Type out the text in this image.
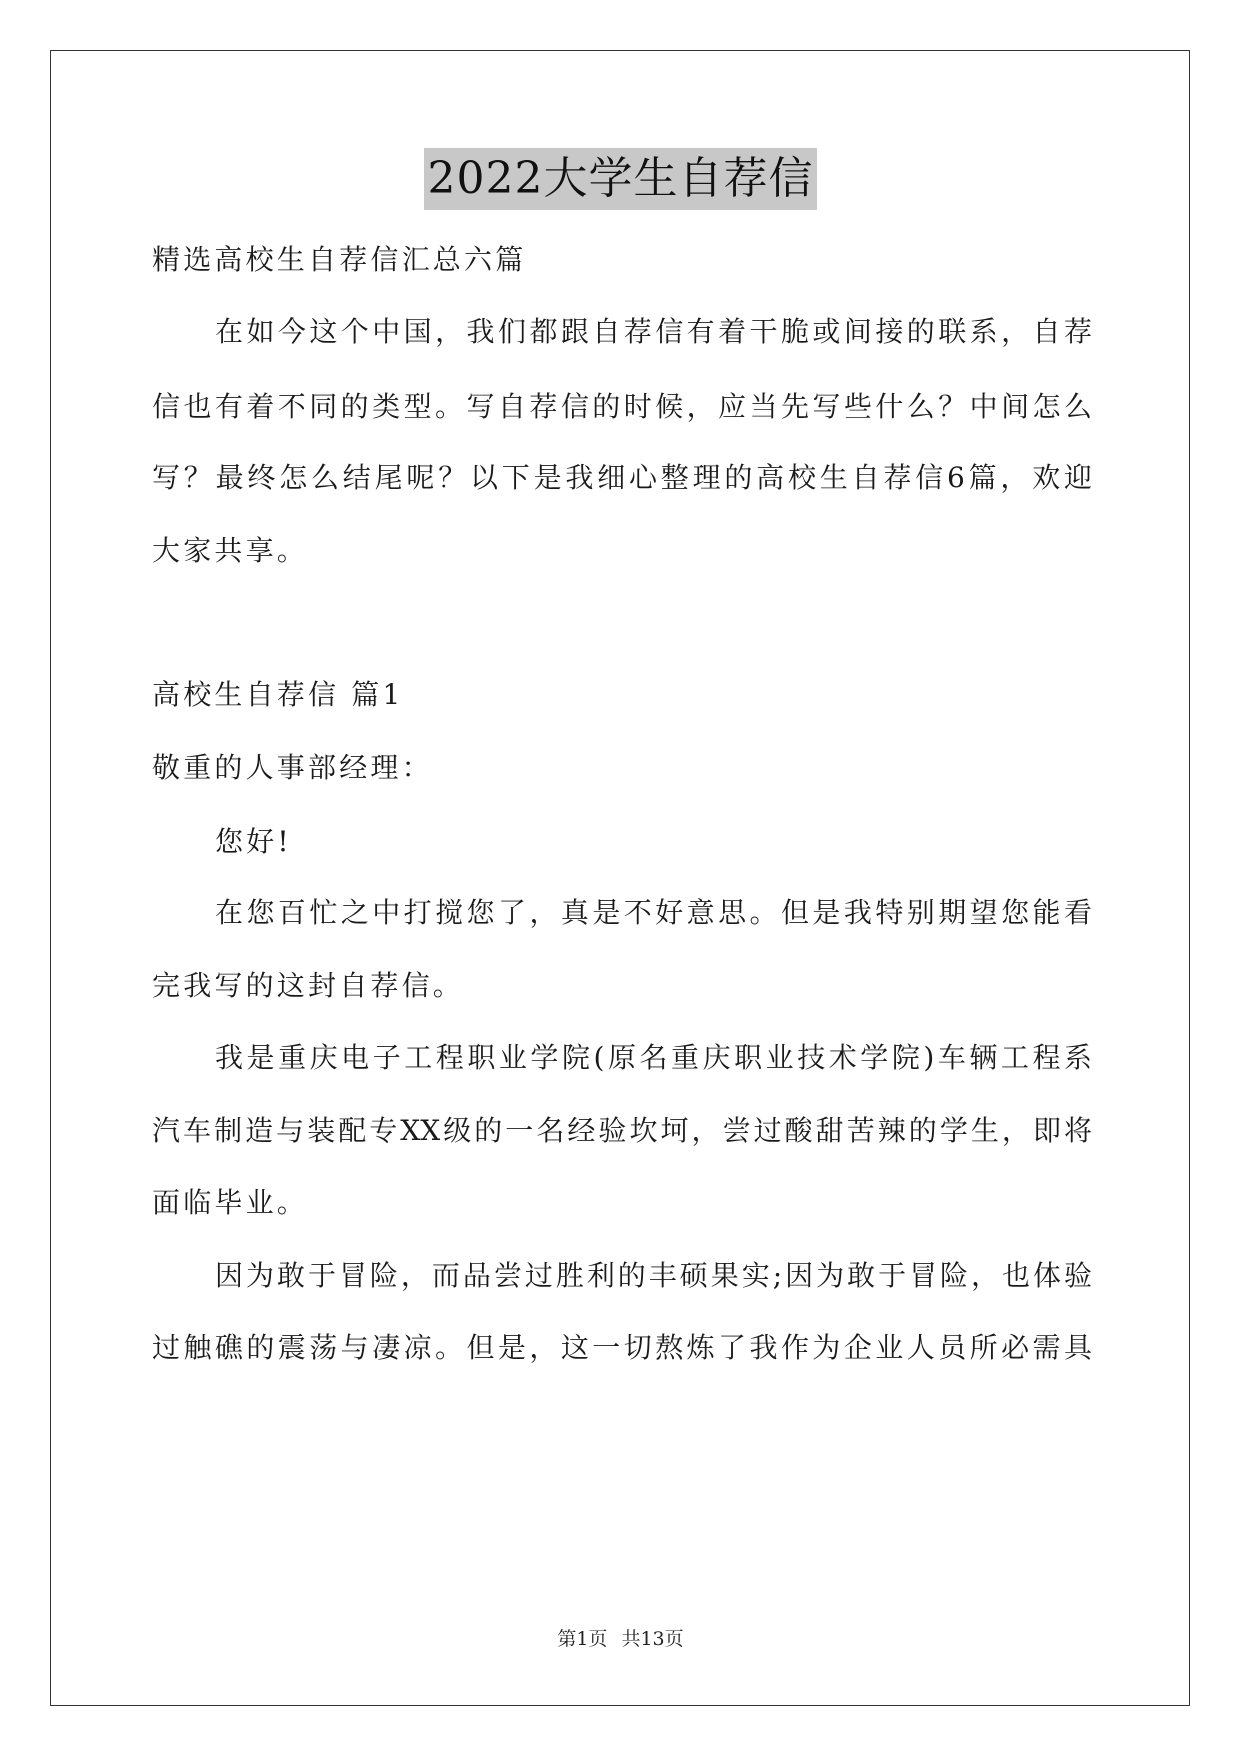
2022大学生自荐信
精选高校生自荐信汇总六篇
在如今这个中国，我们都跟自荐信有着干脆或间接的联系，自荐
信也有着不同的类型。写自荐信的时候，应当先写些什么？中间怎么
写？最终怎么结尾呢？以下是我细心整理的高校生自荐信6篇，欢迎
大家共享。
高校生自荐信 篇1
敬重的人事部经理：
您好!
在您百忙之中打搅您了，真是不好意思。但是我特别期望您能看
完我写的这封自荐信。
我是重庆电子工程职业学院(原名重庆职业技术学院)车辆工程系
汽车制造与装配专XX级的一名经验坎坷，尝过酸甜苦辣的学生，即将
面临毕业。
因为敢于冒险，而品尝过胜利的丰硕果实;因为敢于冒险，也体验
过触礁的震荡与凄凉。但是，这一切熬炼了我作为企业人员所必需具
第1页 共13页
